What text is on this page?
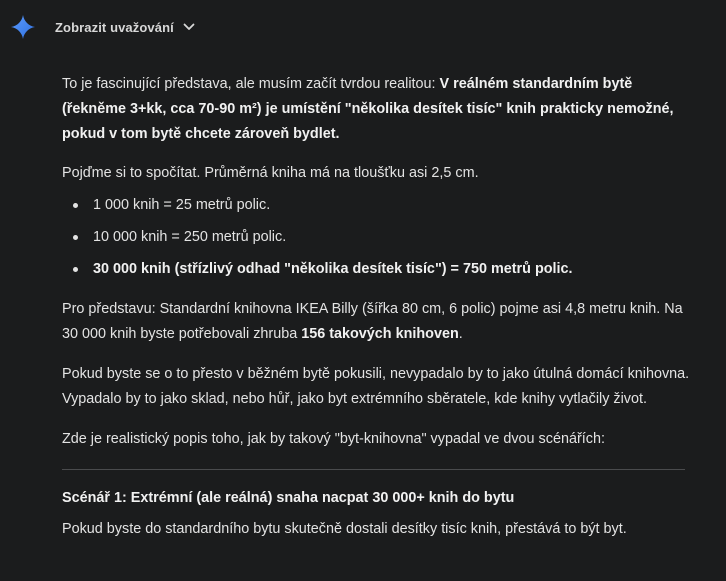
Zobrazit uvažování

To je fascinující představa, ale musím začít tvrdou realitou: V reálném standardním bytě (řekněme 3+kk, cca 70-90 m²) je umístění "několika desítek tisíc" knih prakticky nemožné, pokud v tom bytě chcete zároveň bydlet.

Pojďme si to spočítat. Průměrná kniha má na tloušťku asi 2,5 cm.

1 000 knih = 25 metrů polic.
10 000 knih = 250 metrů polic.
30 000 knih (střízlivý odhad "několika desítek tisíc") = 750 metrů polic.

Pro představu: Standardní knihovna IKEA Billy (šířka 80 cm, 6 polic) pojme asi 4,8 metru knih. Na 30 000 knih byste potřebovali zhruba 156 takových knihoven.

Pokud byste se o to přesto v běžném bytě pokusili, nevypadalo by to jako útulná domácí knihovna. Vypadalo by to jako sklad, nebo hůř, jako byt extrémního sběratele, kde knihy vytlačily život.

Zde je realistický popis toho, jak by takový "byt-knihovna" vypadal ve dvou scénářích:

Scénář 1: Extrémní (ale reálná) snaha nacpat 30 000+ knih do bytu

Pokud byste do standardního bytu skutečně dostali desítky tisíc knih, přestává to být byt.
